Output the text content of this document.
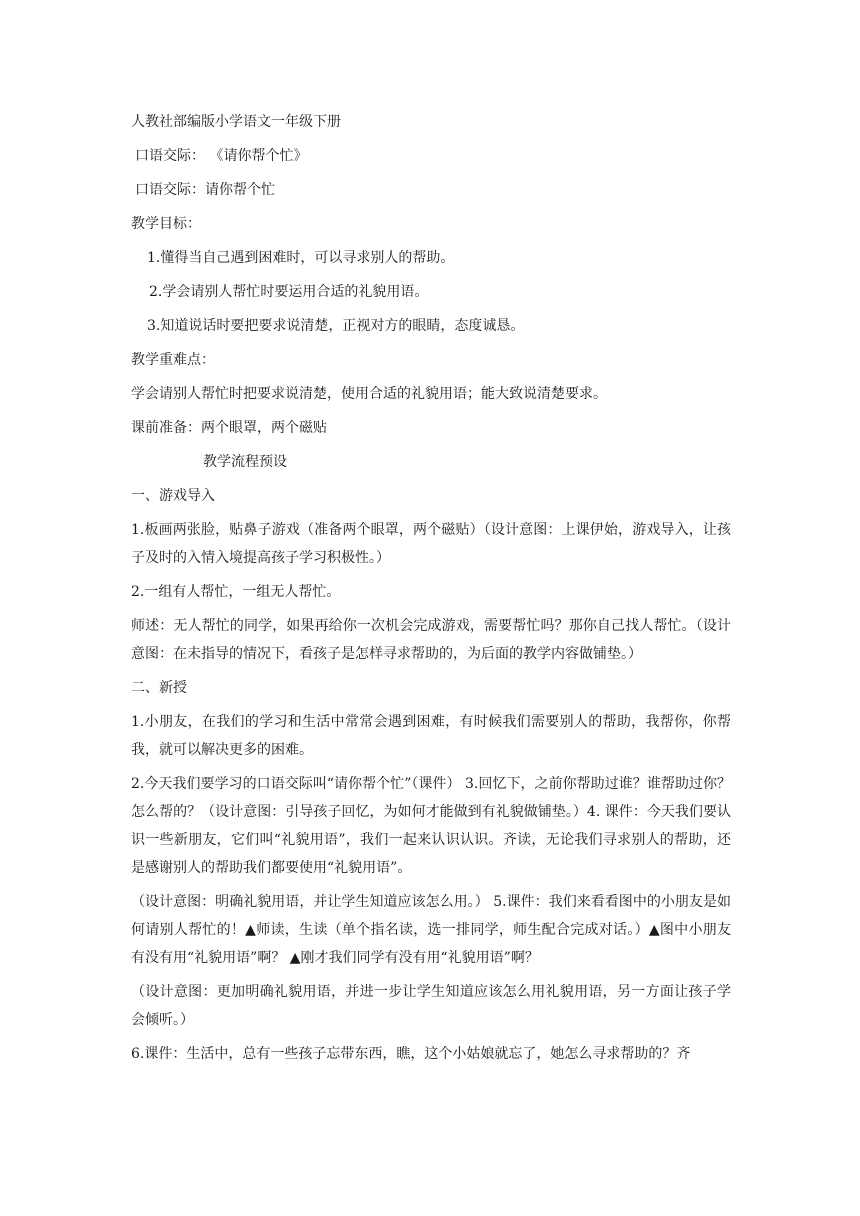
人教社部编版小学语文一年级下册

口语交际： 《请你帮个忙》

口语交际：请你帮个忙

教学目标：

1.懂得当自己遇到困难时，可以寻求别人的帮助。

2.学会请别人帮忙时要运用合适的礼貌用语。

3.知道说话时要把要求说清楚，正视对方的眼睛，态度诚恳。

教学重难点：

学会请别人帮忙时把要求说清楚，使用合适的礼貌用语；能大致说清楚要求。

课前准备：两个眼罩，两个磁贴

教学流程预设

一、游戏导入

1.板画两张脸，贴鼻子游戏（准备两个眼罩，两个磁贴）（设计意图：上课伊始，游戏导入，让孩子及时的入情入境提高孩子学习积极性。）

2.一组有人帮忙，一组无人帮忙。

师述：无人帮忙的同学，如果再给你一次机会完成游戏，需要帮忙吗？那你自己找人帮忙。（设计意图：在未指导的情况下，看孩子是怎样寻求帮助的，为后面的教学内容做铺垫。）

二、新授

1.小朋友，在我们的学习和生活中常常会遇到困难，有时候我们需要别人的帮助，我帮你，你帮我，就可以解决更多的困难。

2.今天我们要学习的口语交际叫“请你帮个忙”（课件） 3.回忆下，之前你帮助过谁？谁帮助过你？怎么帮的？（设计意图：引导孩子回忆，为如何才能做到有礼貌做铺垫。）4. 课件：今天我们要认识一些新朋友，它们叫“礼貌用语”，我们一起来认识认识。齐读，无论我们寻求别人的帮助，还是感谢别人的帮助我们都要使用“礼貌用语”。

（设计意图：明确礼貌用语，并让学生知道应该怎么用。） 5.课件：我们来看看图中的小朋友是如何请别人帮忙的！▲师读，生读（单个指名读，选一排同学，师生配合完成对话。）▲图中小朋友有没有用“礼貌用语”啊？ ▲刚才我们同学有没有用“礼貌用语”啊？

（设计意图：更加明确礼貌用语，并进一步让学生知道应该怎么用礼貌用语，另一方面让孩子学会倾听。）

6.课件：生活中，总有一些孩子忘带东西，瞧，这个小姑娘就忘了，她怎么寻求帮助的？齐
